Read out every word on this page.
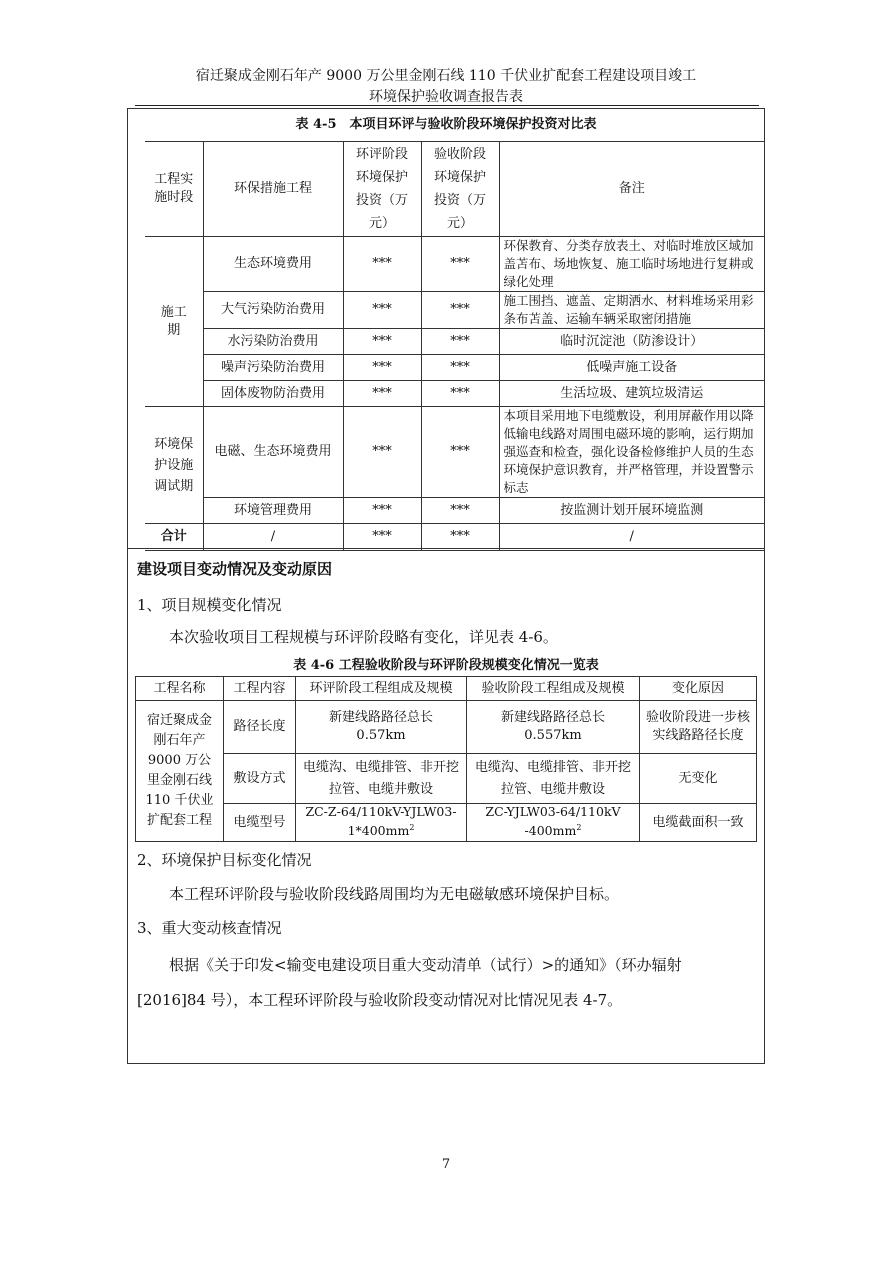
宿迁聚成金刚石年产 9000 万公里金刚石线 110 千伏业扩配套工程建设项目竣工
环境保护验收调查报告表
表 4-5　本项目环评与验收阶段环境保护投资对比表
工程实施时段	环保措施工程	环评阶段环境保护投资（万元）	验收阶段环境保护投资（万元）	备注
施工期	生态环境费用	***	***	环保教育、分类存放表土、对临时堆放区域加盖苫布、场地恢复、施工临时场地进行复耕或绿化处理
	大气污染防治费用	***	***	施工围挡、遮盖、定期洒水、材料堆场采用彩条布苫盖、运输车辆采取密闭措施
	水污染防治费用	***	***	临时沉淀池（防渗设计）
	噪声污染防治费用	***	***	低噪声施工设备
	固体废物防治费用	***	***	生活垃圾、建筑垃圾清运
环境保护设施调试期	电磁、生态环境费用	***	***	本项目采用地下电缆敷设，利用屏蔽作用以降低输电线路对周围电磁环境的影响，运行期加强巡查和检查，强化设备检修维护人员的生态环境保护意识教育，并严格管理，并设置警示标志
	环境管理费用	***	***	按监测计划开展环境监测
合计	/	***	***	/
建设项目变动情况及变动原因
1、项目规模变化情况
本次验收项目工程规模与环评阶段略有变化，详见表 4-6。
表 4-6 工程验收阶段与环评阶段规模变化情况一览表
工程名称	工程内容	环评阶段工程组成及规模	验收阶段工程组成及规模	变化原因
宿迁聚成金刚石年产9000 万公里金刚石线110 千伏业扩配套工程	路径长度	新建线路路径总长0.57km	新建线路路径总长0.557km	验收阶段进一步核实线路路径长度
	敷设方式	电缆沟、电缆排管、非开挖拉管、电缆井敷设	电缆沟、电缆排管、非开挖拉管、电缆井敷设	无变化
	电缆型号	$ZC-Z-64/110kV-YJLW03-1*400mm^2$	ZC-YJLW03-64/110kV $-400mm^2$	电缆截面积一致
2、环境保护目标变化情况
本工程环评阶段与验收阶段线路周围均为无电磁敏感环境保护目标。
3、重大变动核查情况
根据《关于印发<输变电建设项目重大变动清单（试行）>的通知》（环办辐射
[2016]84 号），本工程环评阶段与验收阶段变动情况对比情况见表 4-7。
7
